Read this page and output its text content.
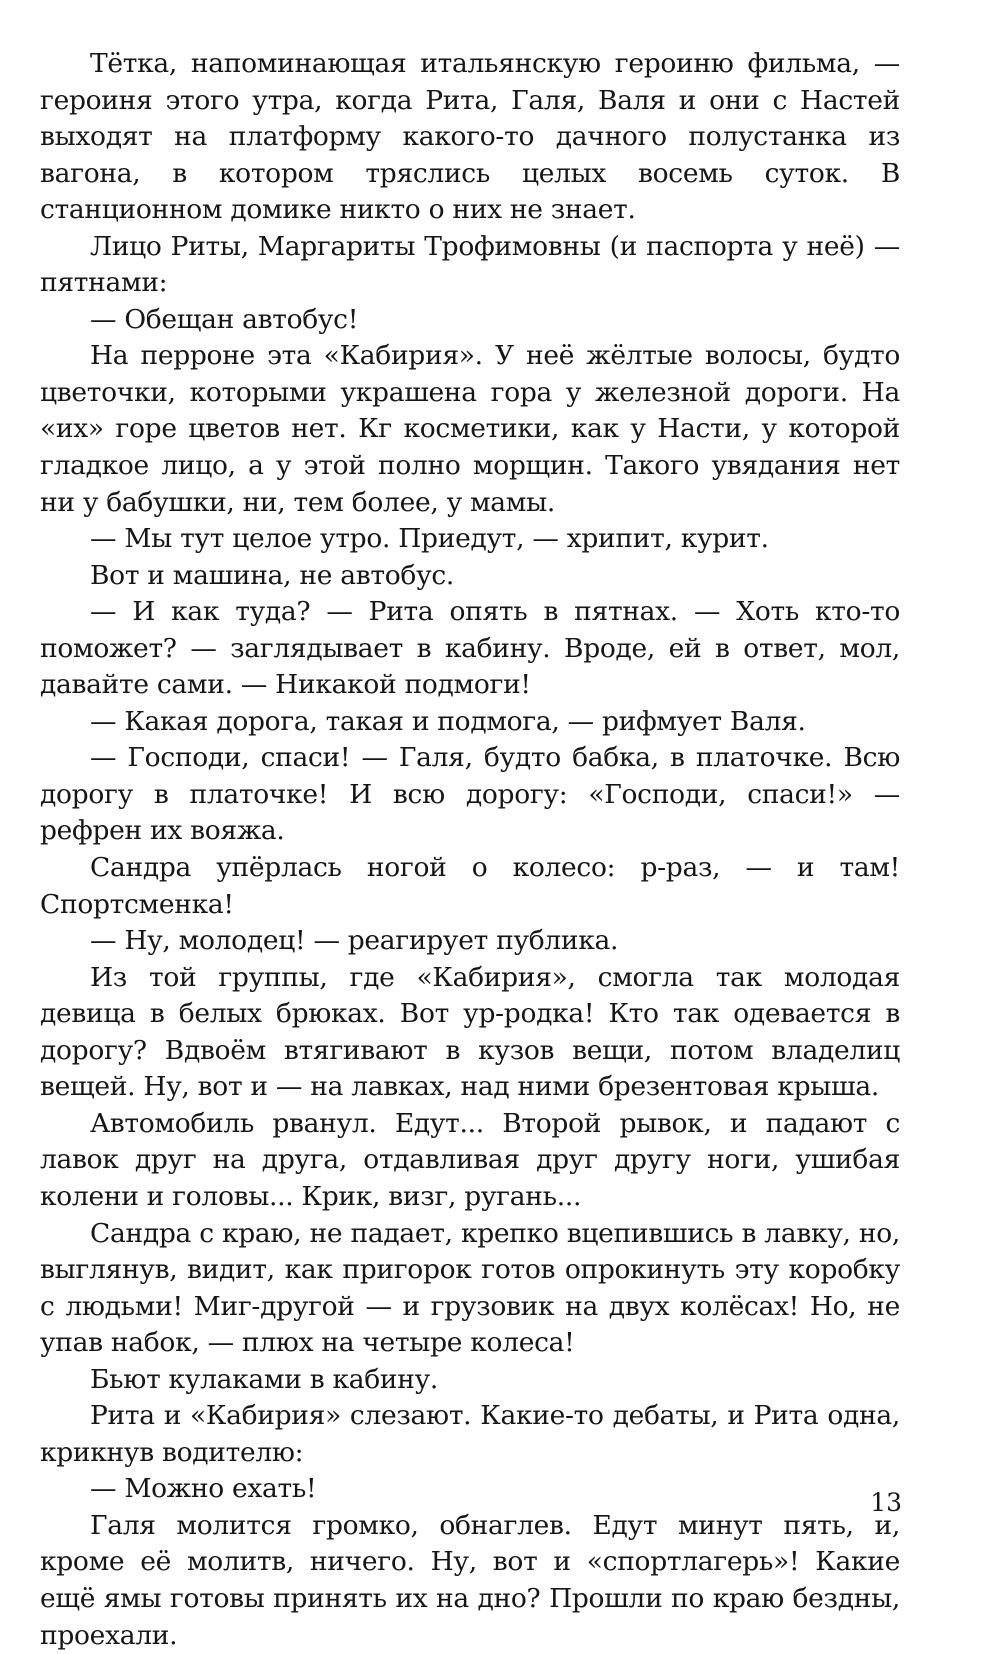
Тётка, напоминающая итальянскую героиню фильма, — героиня этого утра, когда Рита, Галя, Валя и они с Настей выходят на платформу какого-то дачного полустанка из вагона, в котором тряслись целых восемь суток. В станционном домике никто о них не знает.

Лицо Риты, Маргариты Трофимовны (и паспорта у неё) — пятнами:

— Обещан автобус!

На перроне эта «Кабирия». У неё жёлтые волосы, будто цветочки, которыми украшена гора у железной дороги. На «их» горе цветов нет. Кг косметики, как у Насти, у которой гладкое лицо, а у этой полно морщин. Такого увядания нет ни у бабушки, ни, тем более, у мамы.

— Мы тут целое утро. Приедут, — хрипит, курит.

Вот и машина, не автобус.

— И как туда? — Рита опять в пятнах. — Хоть кто-то поможет? — заглядывает в кабину. Вроде, ей в ответ, мол, давайте сами. — Никакой подмоги!

— Какая дорога, такая и подмога, — рифмует Валя.

— Господи, спаси! — Галя, будто бабка, в платочке. Всю дорогу в платочке! И всю дорогу: «Господи, спаси!» — рефрен их вояжа.

Сандра упёрлась ногой о колесо: р-раз, — и там! Спортсменка!

— Ну, молодец! — реагирует публика.

Из той группы, где «Кабирия», смогла так молодая девица в белых брюках. Вот ур-родка! Кто так одевается в дорогу? Вдвоём втягивают в кузов вещи, потом владелиц вещей. Ну, вот и — на лавках, над ними брезентовая крыша.

Автомобиль рванул. Едут... Второй рывок, и падают с лавок друг на друга, отдавливая друг другу ноги, ушибая колени и головы... Крик, визг, ругань...

Сандра с краю, не падает, крепко вцепившись в лавку, но, выглянув, видит, как пригорок готов опрокинуть эту коробку с людьми! Миг-другой — и грузовик на двух колёсах! Но, не упав набок, — плюх на четыре колеса!

Бьют кулаками в кабину.

Рита и «Кабирия» слезают. Какие-то дебаты, и Рита одна, крикнув водителю:

— Можно ехать!

Галя молится громко, обнаглев. Едут минут пять, и, кроме её молитв, ничего. Ну, вот и «спортлагерь»! Какие ещё ямы готовы принять их на дно? Прошли по краю бездны, проехали.

13
